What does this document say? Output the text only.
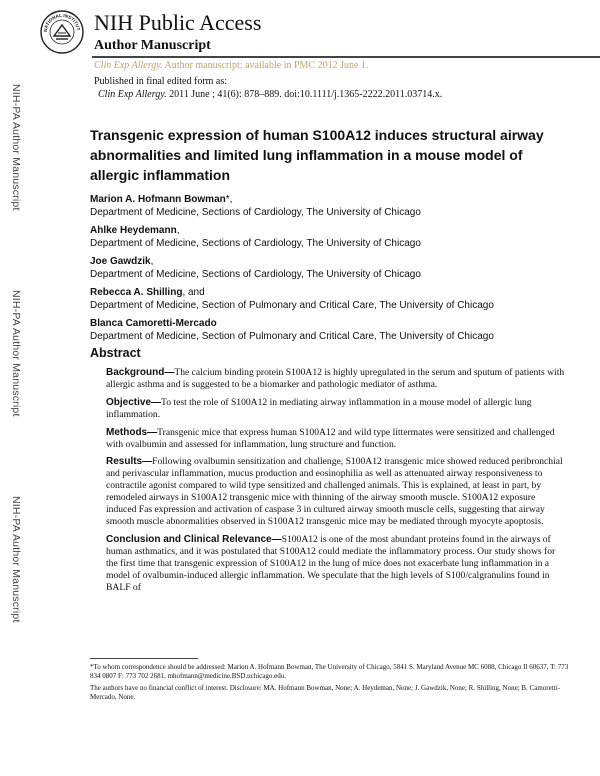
NIH-PA Author Manuscript
NIH-PA Author Manuscript
NIH-PA Author Manuscript
NATIONAL INSTITUT NIH Public Access
Author Manuscript
Clin Exp Allergy. Author manuscript; available in PMC 2012 June 1.
Published in final edited form as:
Clin Exp Allergy. 2011 June ; 41(6): 878–889. doi:10.1111/j.1365-2222.2011.03714.x.
Transgenic expression of human S100A12 induces structural airway abnormalities and limited lung inflammation in a mouse model of allergic inflammation
Marion A. Hofmann Bowman*,
Department of Medicine, Sections of Cardiology, The University of Chicago
Ahlke Heydemann,
Department of Medicine, Sections of Cardiology, The University of Chicago
Joe Gawdzik,
Department of Medicine, Sections of Cardiology, The University of Chicago
Rebecca A. Shilling, and
Department of Medicine, Section of Pulmonary and Critical Care, The University of Chicago
Blanca Camoretti-Mercado
Department of Medicine, Section of Pulmonary and Critical Care, The University of Chicago
Abstract

Background—The calcium binding protein S100A12 is highly upregulated in the serum and sputum of patients with allergic asthma and is suggested to be a biomarker and pathologic mediator of asthma.

Objective—To test the role of S100A12 in mediating airway inflammation in a mouse model of allergic lung inflammation.

Methods—Transgenic mice that express human S100A12 and wild type littermates were sensitized and challenged with ovalbumin and assessed for inflammation, lung structure and function.

Results—Following ovalbumin sensitization and challenge, S100A12 transgenic mice showed reduced peribronchial and perivascular inflammation, mucus production and eosinophilia as well as attenuated airway responsiveness to contractile agonist compared to wild type sensitized and challenged animals. This is explained, at least in part, by remodeled airways in S100A12 transgenic mice with thinning of the airway smooth muscle. S100A12 exposure induced Fas expression and activation of caspase 3 in cultured airway smooth muscle cells, suggesting that airway smooth muscle abnormalities observed in S100A12 transgenic mice may be mediated through myocyte apoptosis.

Conclusion and Clinical Relevance—S100A12 is one of the most abundant proteins found in the airways of human asthmatics, and it was postulated that S100A12 could mediate the inflammatory process. Our study shows for the first time that transgenic expression of S100A12 in the lung of mice does not exacerbate lung inflammation in a model of ovalbumin-induced allergic inflammation. We speculate that the high levels of S100/calgranulins found in BALF of

*To whom correspondence should be addressed: Marion A. Hofmann Bowman, The University of Chicago, 5841 S. Maryland Avenue MC 6088, Chicago Il 60637, T: 773 834 0807 F: 773 702 2681, mhofmann@medicine.BSD.uchicago.edu.

The authors have no financial conflict of interest. Disclosure: MA. Hofmann Bowman, None; A. Heydeman, None; J. Gawdzik, None; R. Shilling, None; B. Camoretti-Mercado, None.
